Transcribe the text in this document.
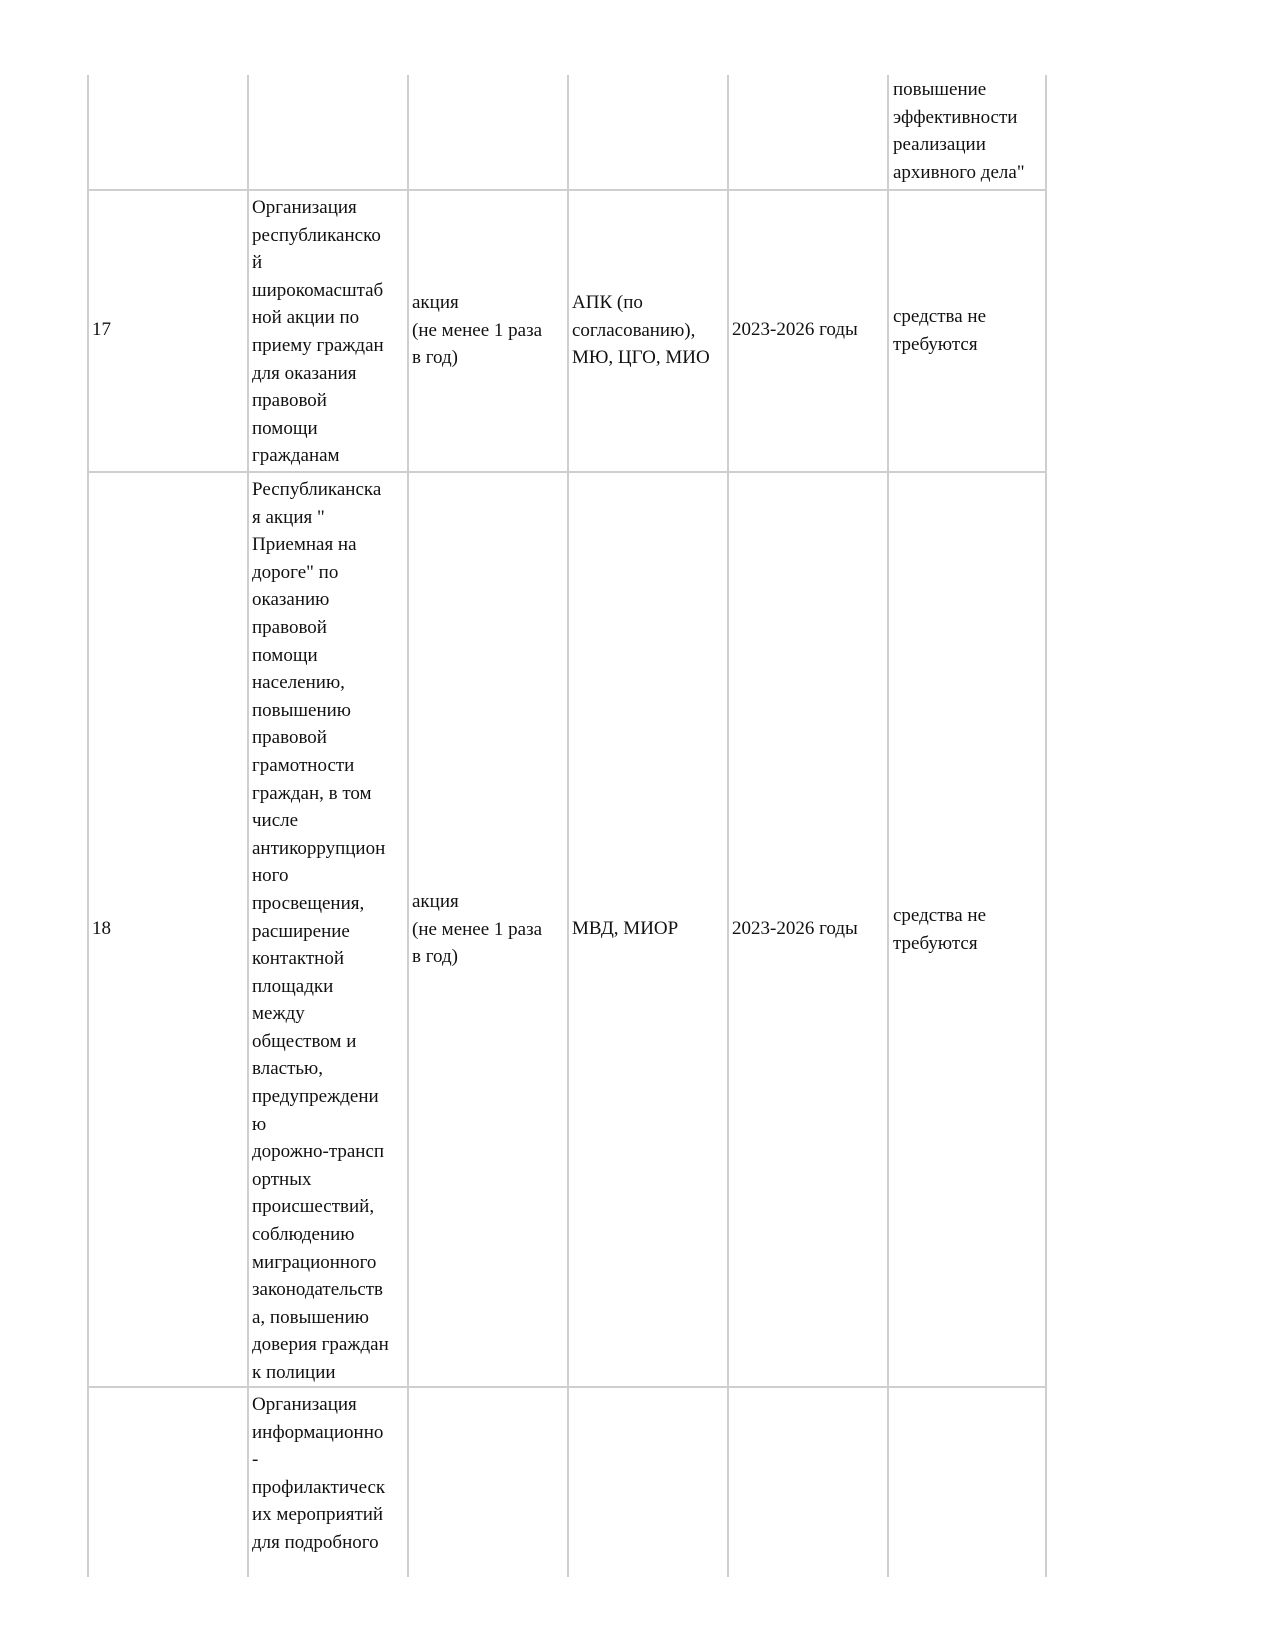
повышение
эффективности
реализации
архивного дела"
17
Организация
республиканско
й
широкомасштаб
ной акции по
приему граждан
для оказания
правовой
помощи
гражданам
акция
(не менее 1 раза
в год)
АПК (по
согласованию),
МЮ, ЦГО, МИО
2023-2026 годы
средства не
требуются
18
Республиканска
я акция "
Приемная на
дороге" по
оказанию
правовой
помощи
населению,
повышению
правовой
грамотности
граждан, в том
числе
антикоррупцион
ного
просвещения,
расширение
контактной
площадки
между
обществом и
властью,
предупреждени
ю
дорожно-трансп
ортных
происшествий,
соблюдению
миграционного
законодательств
а, повышению
доверия граждан
к полиции
акция
(не менее 1 раза
в год)
МВД, МИОР	2023-2026 годы
средства не
требуются
Организация
информационно
-
профилактическ
их мероприятий
для подробного
